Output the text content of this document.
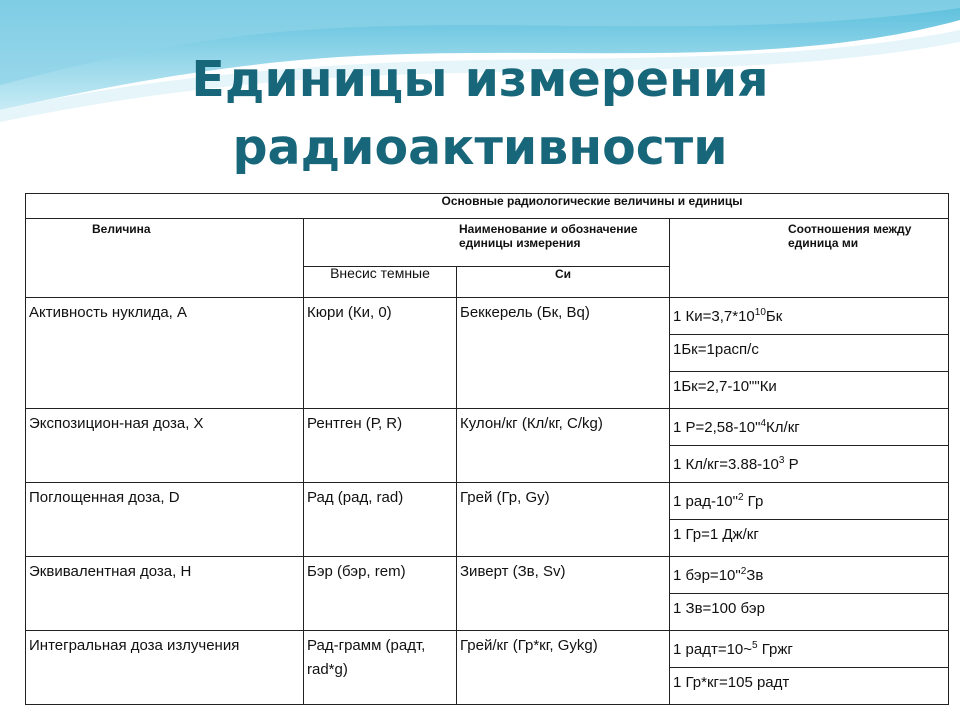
Единицы измерения
радиоактивности
Основные радиологические величины и единицы			
Величина	Наименование и обозначение единицы измерения		Соотношения между единица ми
	Внесис темные	Си	
Активность нуклида, А	Кюри (Ки, 0)	Беккерель (Бк, Bq)	1 $Ки=3,7*10^{10}Бк$
			1Бк=1расп/с
			1Бк=2,7-10""Ки
Экспозицион-ная доза, X	Рентген (Р, R)	Кулон/кг (Кл/кг, C/kg)	1 Р=2,58-10"$^4$Кл/кг
			1 $Кл/кг=3.88-10^3$ Р
Поглощенная доза, D	Рад (рад, rad)	Грей (Гр, Gy)	1 рад-10"$^2$ Гр
			1 Гр=1 Дж/кг
Эквивалентная доза, H	Бэр (бэр, rem)	Зиверт (Зв, Sv)	1 бэр=10"$^2$Зв
			1 Зв=100 бэр
Интегральная доза излучения	Рад-грамм (радт, rad*g)	Грей/кг (Гр*кг, Gykg)	1 радт=10~$^5$ Гржг
			1 Гр*кг=105 радт
